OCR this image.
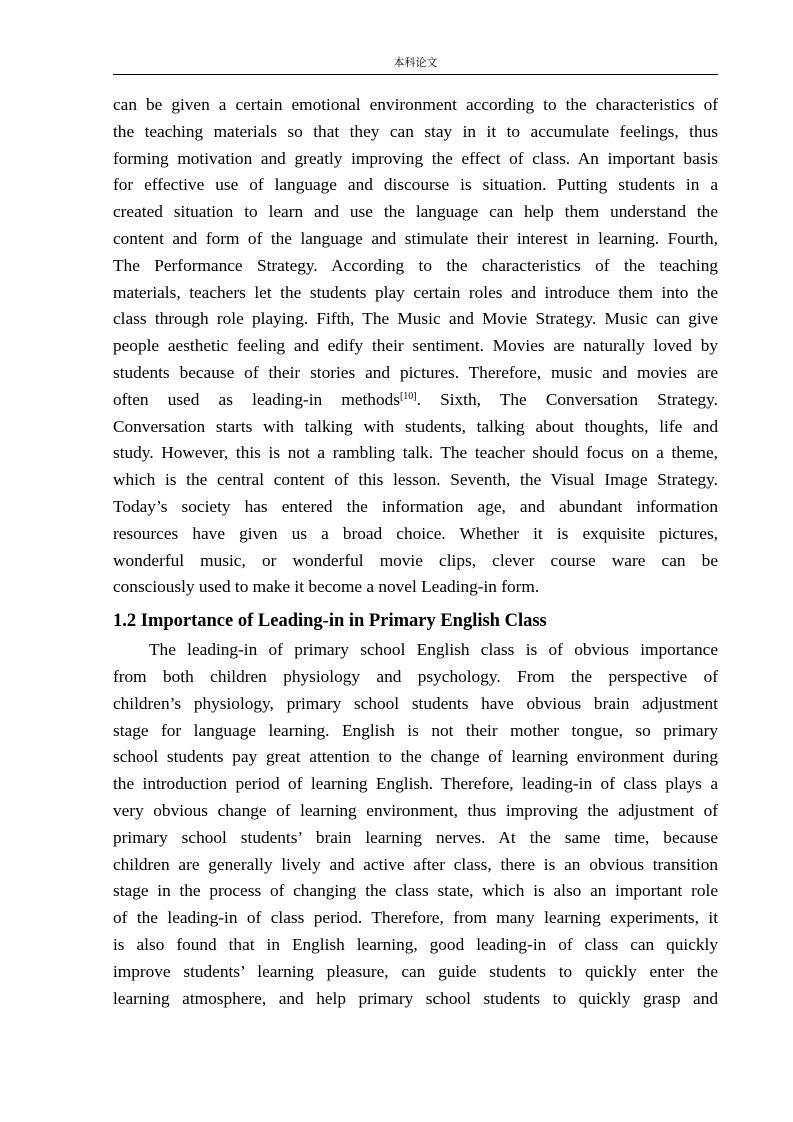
本科论文
can be given a certain emotional environment according to the characteristics of
the teaching materials so that they can stay in it to accumulate feelings, thus
forming motivation and greatly improving the effect of class. An important basis
for effective use of language and discourse is situation. Putting students in a
created situation to learn and use the language can help them understand the
content and form of the language and stimulate their interest in learning. Fourth,
The Performance Strategy. According to the characteristics of the teaching
materials, teachers let the students play certain roles and introduce them into the
class through role playing. Fifth, The Music and Movie Strategy. Music can give
people aesthetic feeling and edify their sentiment. Movies are naturally loved by
students because of their stories and pictures. Therefore, music and movies are
often used as leading-in methods[10]. Sixth, The Conversation Strategy.
Conversation starts with talking with students, talking about thoughts, life and
study. However, this is not a rambling talk. The teacher should focus on a theme,
which is the central content of this lesson. Seventh, the Visual Image Strategy.
Today’s society has entered the information age, and abundant information
resources have given us a broad choice. Whether it is exquisite pictures,
wonderful music, or wonderful movie clips, clever course ware can be
consciously used to make it become a novel Leading-in form.
1.2 Importance of Leading-in in Primary English Class
The leading-in of primary school English class is of obvious importance
from both children physiology and psychology. From the perspective of
children’s physiology, primary school students have obvious brain adjustment
stage for language learning. English is not their mother tongue, so primary
school students pay great attention to the change of learning environment during
the introduction period of learning English. Therefore, leading-in of class plays a
very obvious change of learning environment, thus improving the adjustment of
primary school students’ brain learning nerves. At the same time, because
children are generally lively and active after class, there is an obvious transition
stage in the process of changing the class state, which is also an important role
of the leading-in of class period. Therefore, from many learning experiments, it
is also found that in English learning, good leading-in of class can quickly
improve students’ learning pleasure, can guide students to quickly enter the
learning atmosphere, and help primary school students to quickly grasp and
